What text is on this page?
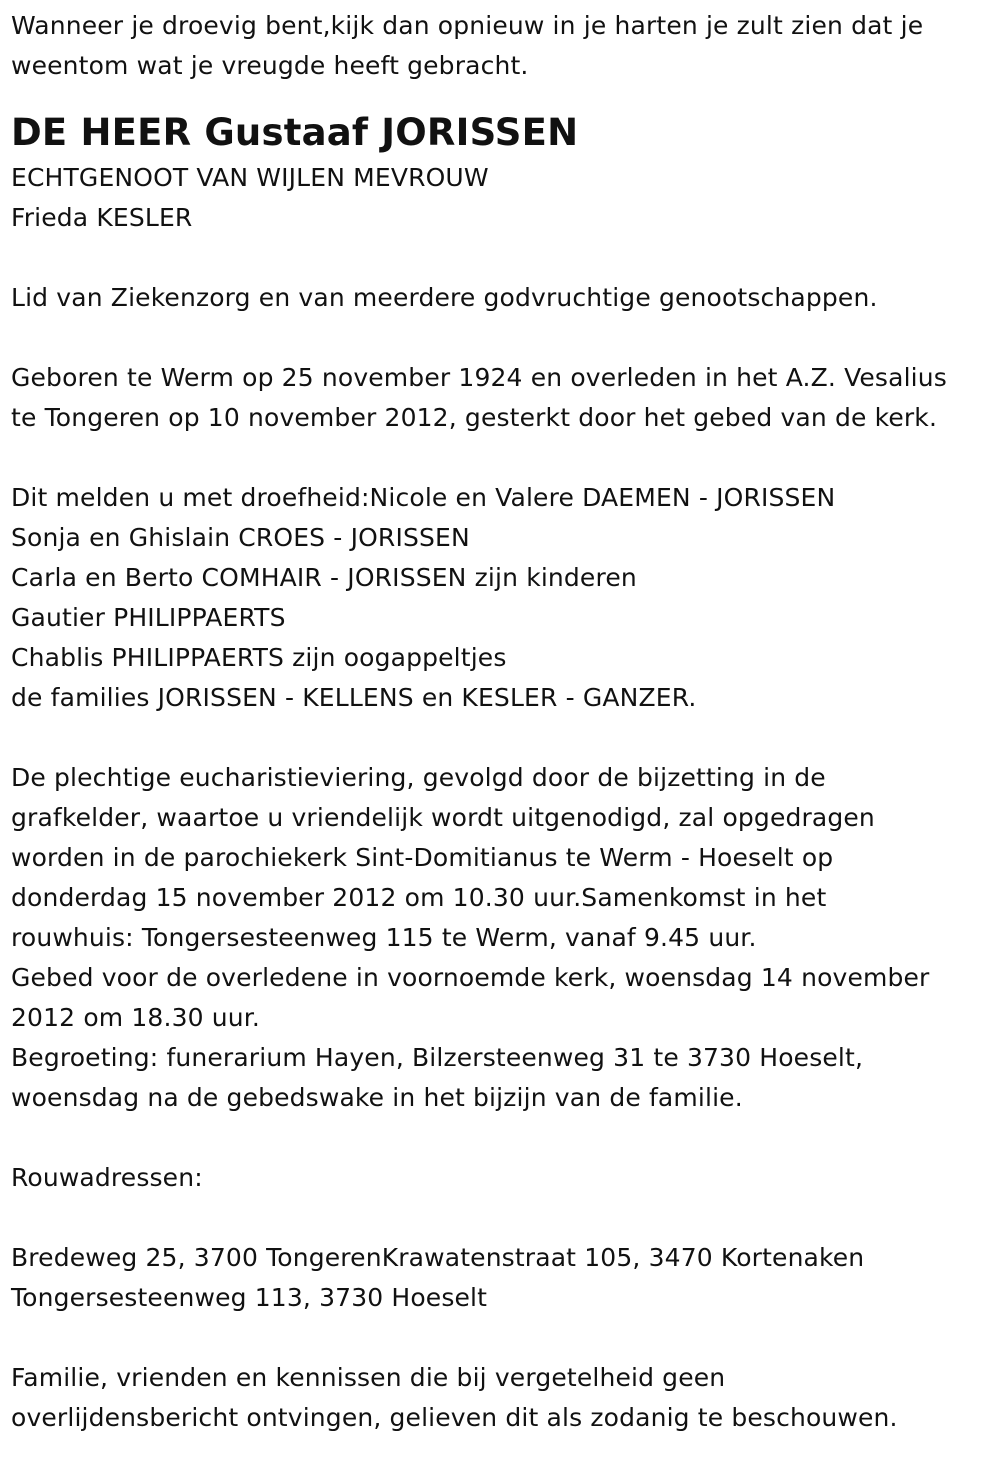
Wanneer je droevig bent,kijk dan opnieuw in je harten je zult zien dat je
weentom wat je vreugde heeft gebracht.
DE HEER Gustaaf JORISSEN
ECHTGENOOT VAN WIJLEN MEVROUW
Frieda KESLER
Lid van Ziekenzorg en van meerdere godvruchtige genootschappen.
Geboren te Werm op 25 november 1924 en overleden in het A.Z. Vesalius
te Tongeren op 10 november 2012, gesterkt door het gebed van de kerk.
Dit melden u met droefheid:Nicole en Valere DAEMEN - JORISSEN
Sonja en Ghislain CROES - JORISSEN
Carla en Berto COMHAIR - JORISSEN zijn kinderen
Gautier PHILIPPAERTS
Chablis PHILIPPAERTS zijn oogappeltjes
de families JORISSEN - KELLENS en KESLER - GANZER.
De plechtige eucharistieviering, gevolgd door de bijzetting in de
grafkelder, waartoe u vriendelijk wordt uitgenodigd, zal opgedragen
worden in de parochiekerk Sint-Domitianus te Werm - Hoeselt op
donderdag 15 november 2012 om 10.30 uur.Samenkomst in het
rouwhuis: Tongersesteenweg 115 te Werm, vanaf 9.45 uur.
Gebed voor de overledene in voornoemde kerk, woensdag 14 november
2012 om 18.30 uur.
Begroeting: funerarium Hayen, Bilzersteenweg 31 te 3730 Hoeselt,
woensdag na de gebedswake in het bijzijn van de familie.
Rouwadressen:
Bredeweg 25, 3700 TongerenKrawatenstraat 105, 3470 Kortenaken
Tongersesteenweg 113, 3730 Hoeselt
Familie, vrienden en kennissen die bij vergetelheid geen
overlijdensbericht ontvingen, gelieven dit als zodanig te beschouwen.
